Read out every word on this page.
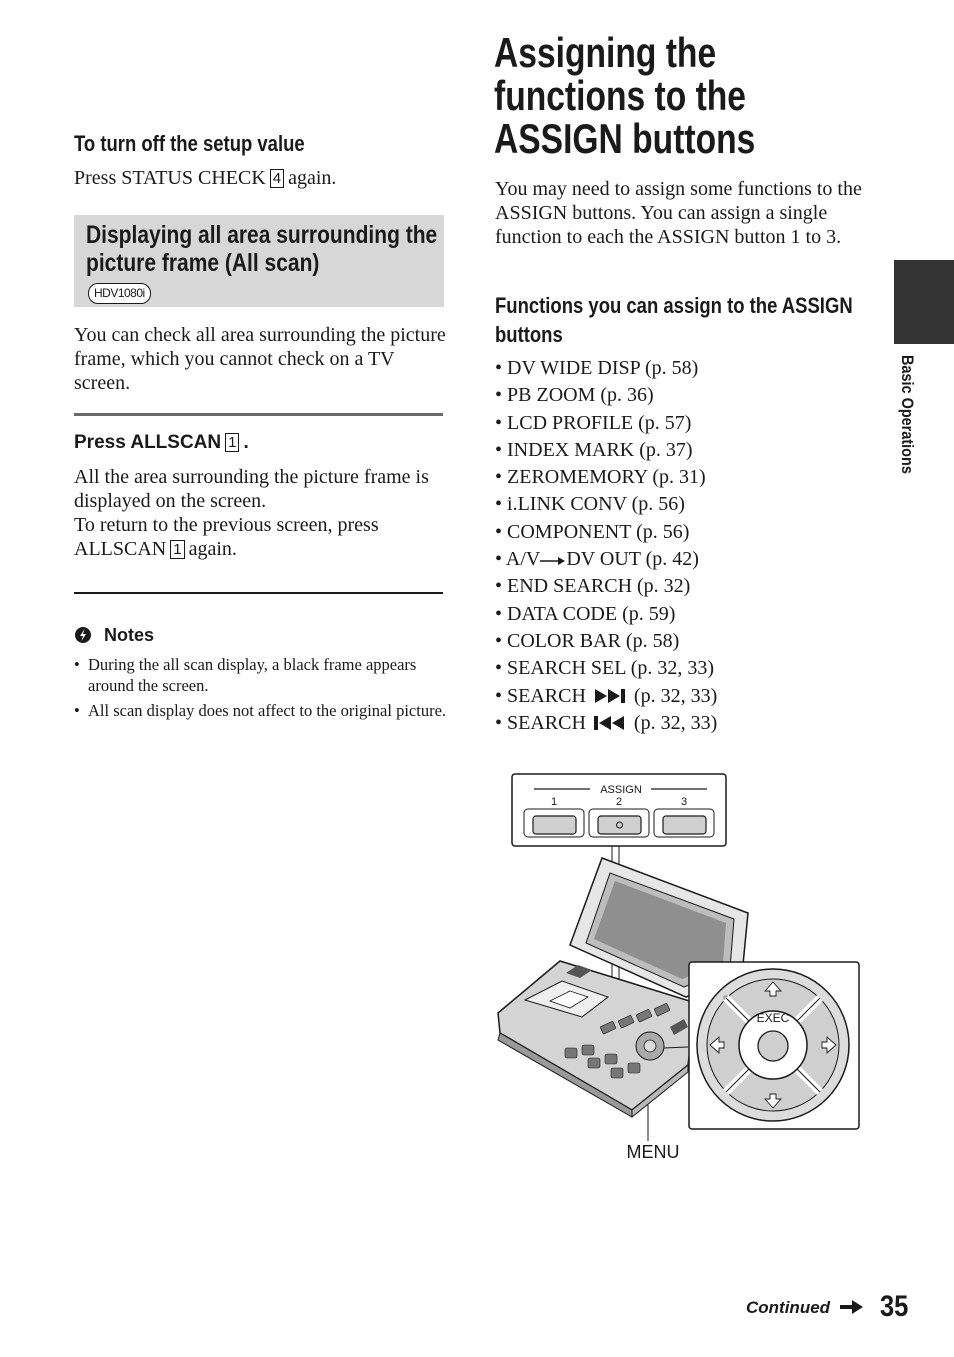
To turn off the setup value

Press STATUS CHECK 4 again.

Displaying all area surrounding the picture frame (All scan)
HDV1080i

You can check all area surrounding the picture frame, which you cannot check on a TV screen.

Press ALLSCAN 1 .

All the area surrounding the picture frame is displayed on the screen.
To return to the previous screen, press ALLSCAN 1 again.

Notes
• During the all scan display, a black frame appears around the screen.
• All scan display does not affect to the original picture.
Assigning the functions to the ASSIGN buttons

You may need to assign some functions to the ASSIGN buttons. You can assign a single function to each the ASSIGN button 1 to 3.

Functions you can assign to the ASSIGN buttons
• DV WIDE DISP (p. 58)
• PB ZOOM (p. 36)
• LCD PROFILE (p. 57)
• INDEX MARK (p. 37)
• ZEROMEMORY (p. 31)
• i.LINK CONV (p. 56)
• COMPONENT (p. 56)
• A/V DV OUT (p. 42)
• END SEARCH (p. 32)
• DATA CODE (p. 59)
• COLOR BAR (p. 58)
• SEARCH SEL (p. 32, 33)
• SEARCH (p. 32, 33)
• SEARCH (p. 32, 33)
Basic Operations
ASSIGN
1	2	3
EXEC
MENU
Continued 35
